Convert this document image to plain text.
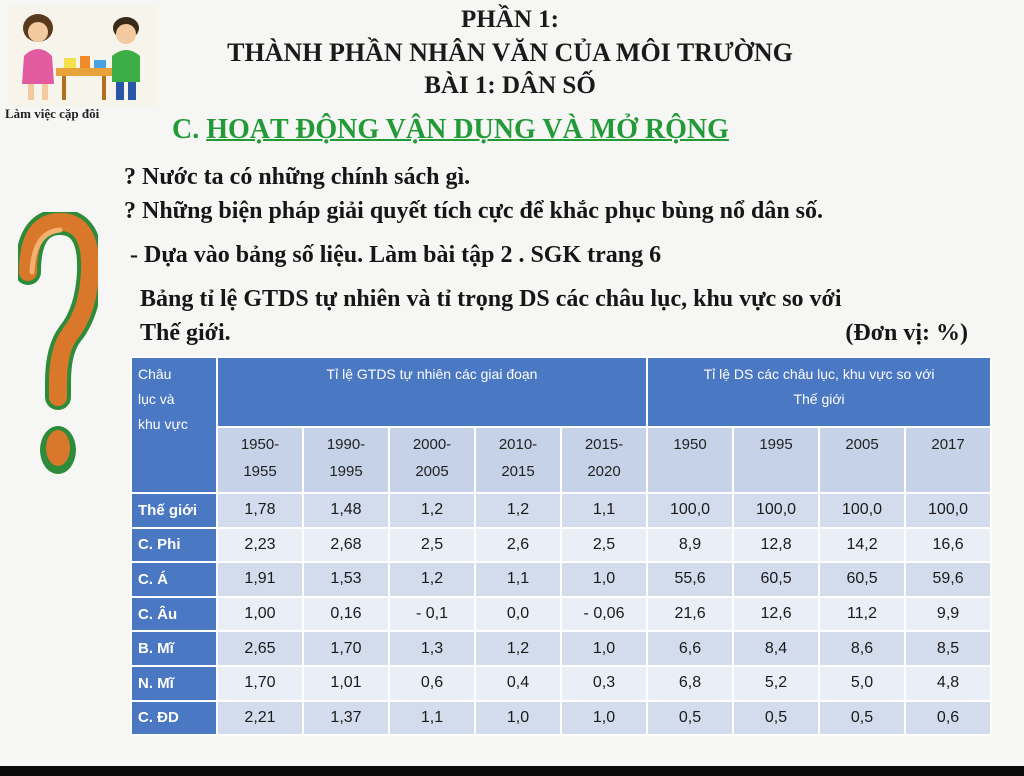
Làm việc cặp đôi
PHẦN 1:
THÀNH PHẦN NHÂN VĂN CỦA MÔI TRƯỜNG
BÀI 1: DÂN SỐ
C. HOẠT ĐỘNG VẬN DỤNG VÀ MỞ RỘNG
? Nước ta có những chính sách gì.
? Những biện pháp giải quyết tích cực để khắc phục bùng nổ dân số.
- Dựa vào bảng số liệu. Làm bài tập 2 . SGK trang 6
Bảng tỉ lệ GTDS tự nhiên và tỉ trọng DS các châu lục, khu vực so với
Thế giới.	(Đơn vị: %)
Châu
lục và
khu vực	Tỉ lệ GTDS tự nhiên các giai đoạn					Tỉ lệ DS các châu lục, khu vực so với
Thế giới			
	1950-
1955	1990-
1995	2000-
2005	2010-
2015	2015-
2020	1950	1995	2005	2017
Thế giới	1,78	1,48	1,2	1,2	1,1	100,0	100,0	100,0	100,0
C. Phi	2,23	2,68	2,5	2,6	2,5	8,9	12,8	14,2	16,6
C. Á	1,91	1,53	1,2	1,1	1,0	55,6	60,5	60,5	59,6
C. Âu	1,00	0,16	- 0,1	0,0	- 0,06	21,6	12,6	11,2	9,9
B. Mĩ	2,65	1,70	1,3	1,2	1,0	6,6	8,4	8,6	8,5
N. Mĩ	1,70	1,01	0,6	0,4	0,3	6,8	5,2	5,0	4,8
C. ĐD	2,21	1,37	1,1	1,0	1,0	0,5	0,5	0,5	0,6
